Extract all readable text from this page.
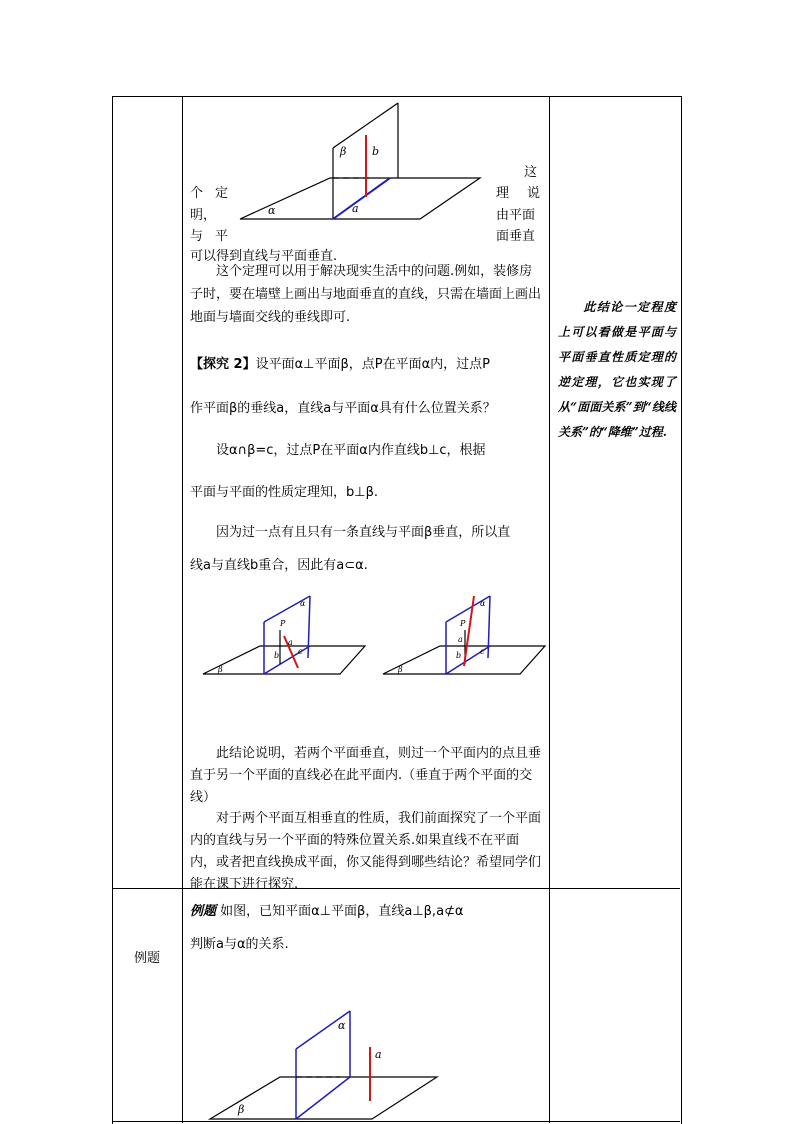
β b
α	a
这
个 定	理 说
明，	由平面
与 平	面垂直
可以得到直线与平面垂直.
这个定理可以用于解决现实生活中的问题.例如，装修房子时，要在墙壁上画出与地面垂直的直线，只需在墙面上画出地面与墙面交线的垂线即可.
【探究 2】设平面α⊥平面β，点P在平面α内，过点P
作平面β的垂线a，直线a与平面α具有什么位置关系？
设α∩β=c，过点P在平面α内作直线b⊥c，根据
平面与平面的性质定理知，b⊥β.
因为过一点有且只有一条直线与平面β垂直，所以直
线a与直线b重合，因此有a⊂α.
α
P
a
b c
β
α
P
a
b c
β
此结论说明，若两个平面垂直，则过一个平面内的点且垂直于另一个平面的直线必在此平面内.（垂直于两个平面的交线）
对于两个平面互相垂直的性质，我们前面探究了一个平面内的直线与另一个平面的特殊位置关系.如果直线不在平面内，或者把直线换成平面，你又能得到哪些结论？希望同学们能在课下进行探究.
此结论一定程度上可以看做是平面与平面垂直性质定理的逆定理，它也实现了从“面面关系”到“线线关系”的“降维”过程.
例题
例题 如图，已知平面α⊥平面β，直线a⊥β,a⊄α
判断a与α的关系.
α
a
β
